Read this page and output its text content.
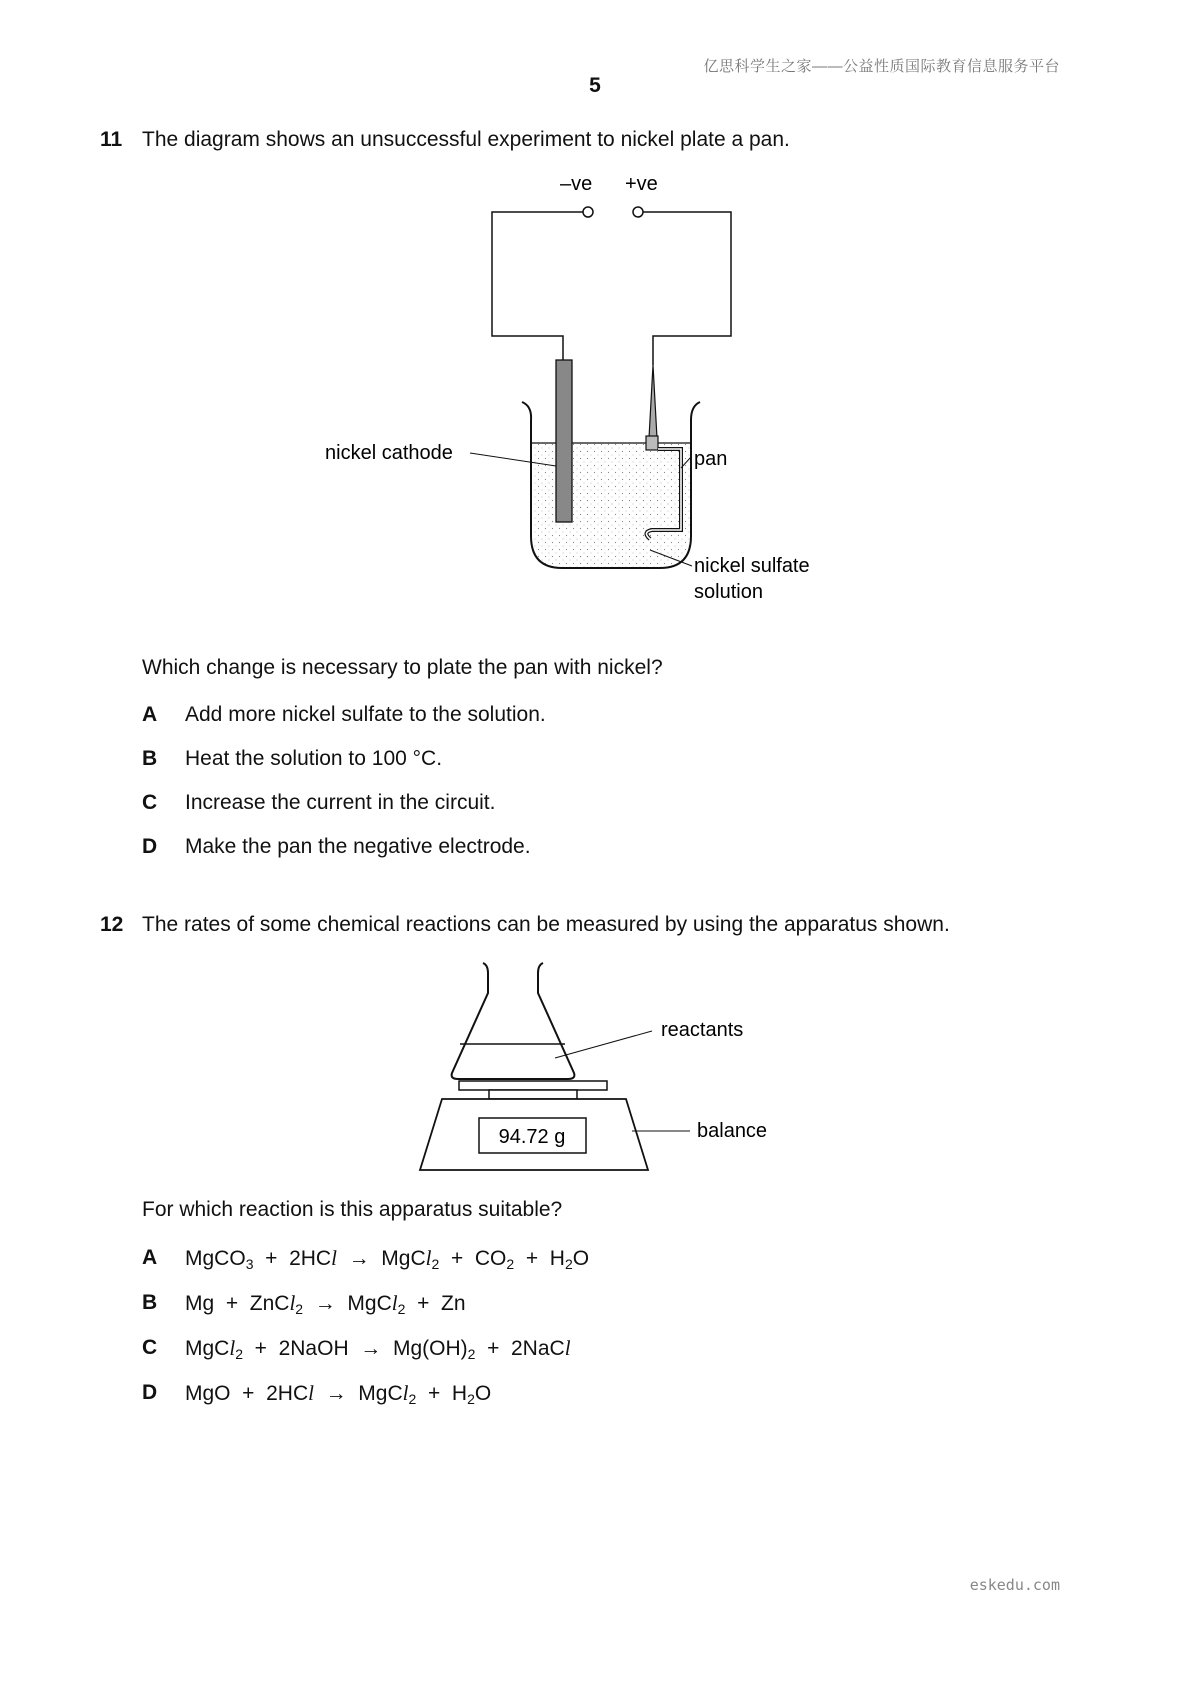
亿思科学生之家——公益性质国际教育信息服务平台
5
11 The diagram shows an unsuccessful experiment to nickel plate a pan.
–ve +ve
nickel cathode	pan
nickel sulfate
solution
Which change is necessary to plate the pan with nickel?
A Add more nickel sulfate to the solution.
B Heat the solution to 100 °C.
C Increase the current in the circuit.
D Make the pan the negative electrode.
12 The rates of some chemical reactions can be measured by using the apparatus shown.
reactants
94.72 g	balance
For which reaction is this apparatus suitable?
A MgCO$_3$  +  2HCl  →  MgCl$_2$  +  $CO_2 + H_2O$
B Mg  +  ZnCl$_2$  →  MgCl$_2$  +  Zn
C MgCl$_2$  +  2NaOH  →  $Mg(OH)_2$  +  2NaCl
D MgO  +  2HCl  →  MgCl$_2$  +  $H_2O$
eskedu.com
